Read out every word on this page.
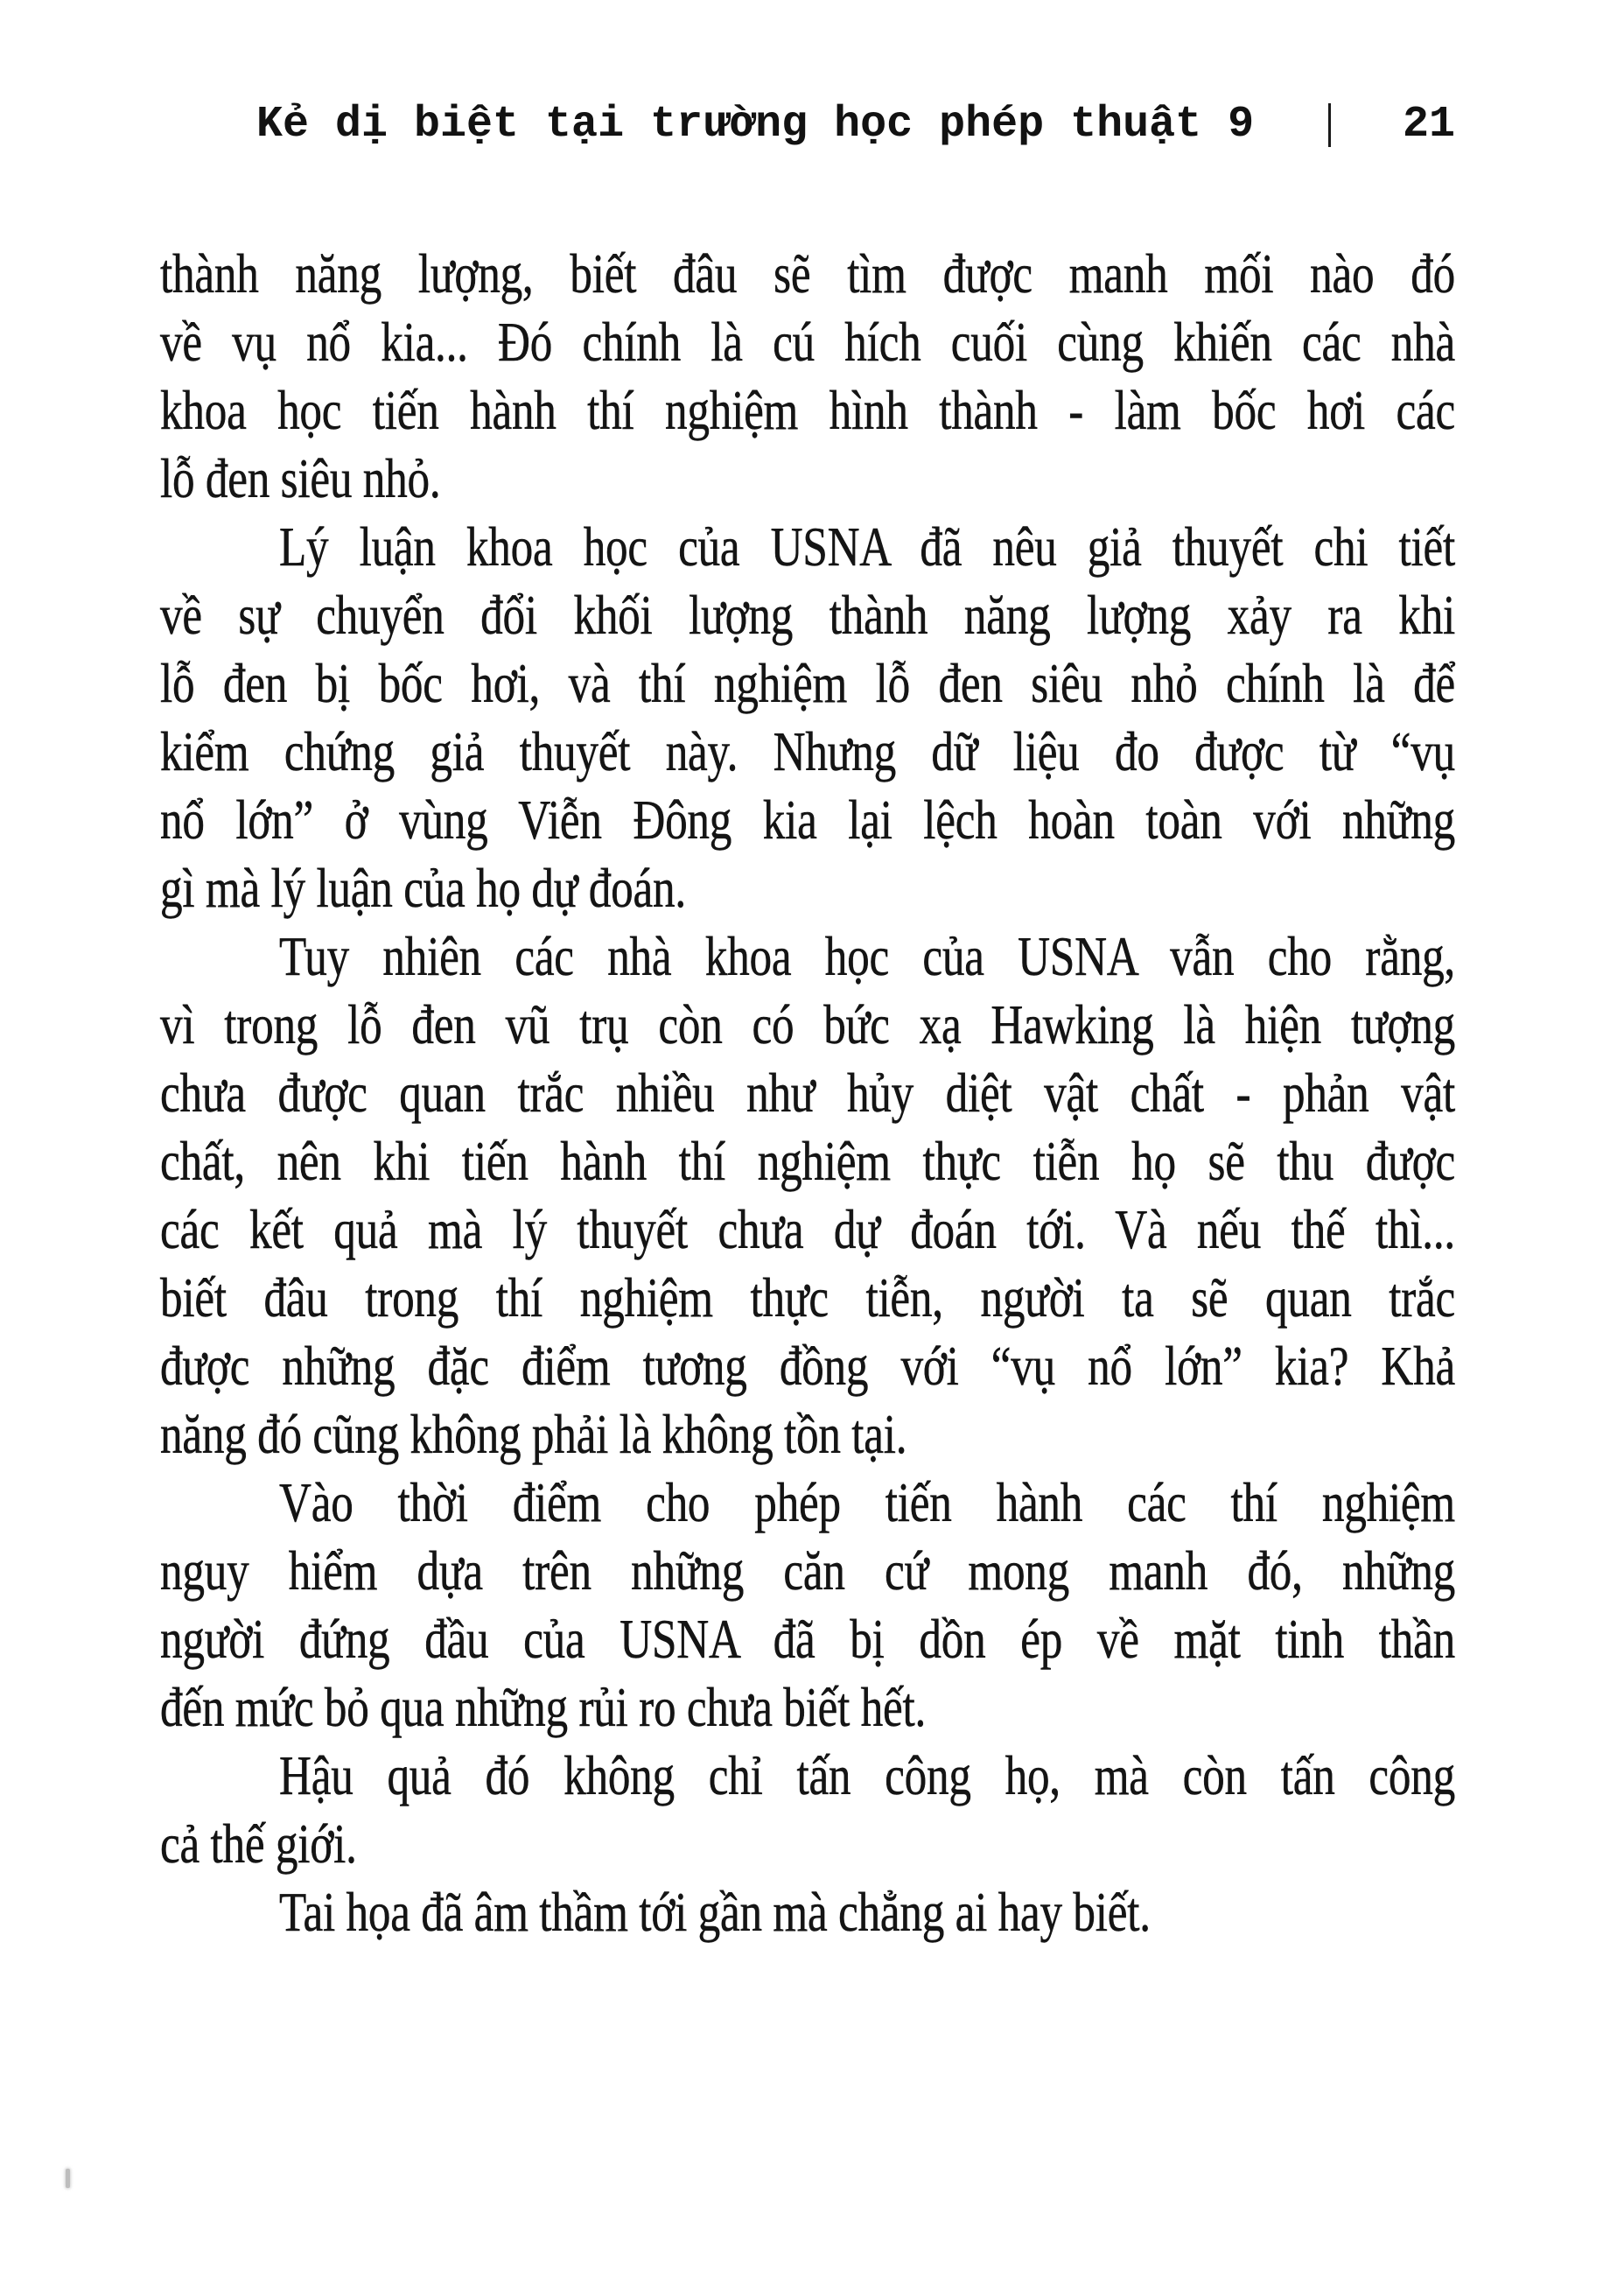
Kẻ dị biệt tại trường học phép thuật 9	21
thành năng lượng, biết đâu sẽ tìm được manh mối nào đó
về vụ nổ kia... Đó chính là cú hích cuối cùng khiến các nhà
khoa học tiến hành thí nghiệm hình thành - làm bốc hơi các
lỗ đen siêu nhỏ.
Lý luận khoa học của USNA đã nêu giả thuyết chi tiết
về sự chuyển đổi khối lượng thành năng lượng xảy ra khi
lỗ đen bị bốc hơi, và thí nghiệm lỗ đen siêu nhỏ chính là để
kiểm chứng giả thuyết này. Nhưng dữ liệu đo được từ “vụ
nổ lớn” ở vùng Viễn Đông kia lại lệch hoàn toàn với những
gì mà lý luận của họ dự đoán.
Tuy nhiên các nhà khoa học của USNA vẫn cho rằng,
vì trong lỗ đen vũ trụ còn có bức xạ Hawking là hiện tượng
chưa được quan trắc nhiều như hủy diệt vật chất - phản vật
chất, nên khi tiến hành thí nghiệm thực tiễn họ sẽ thu được
các kết quả mà lý thuyết chưa dự đoán tới. Và nếu thế thì...
biết đâu trong thí nghiệm thực tiễn, người ta sẽ quan trắc
được những đặc điểm tương đồng với “vụ nổ lớn” kia? Khả
năng đó cũng không phải là không tồn tại.
Vào thời điểm cho phép tiến hành các thí nghiệm
nguy hiểm dựa trên những căn cứ mong manh đó, những
người đứng đầu của USNA đã bị dồn ép về mặt tinh thần
đến mức bỏ qua những rủi ro chưa biết hết.
Hậu quả đó không chỉ tấn công họ, mà còn tấn công
cả thế giới.
Tai họa đã âm thầm tới gần mà chẳng ai hay biết.
